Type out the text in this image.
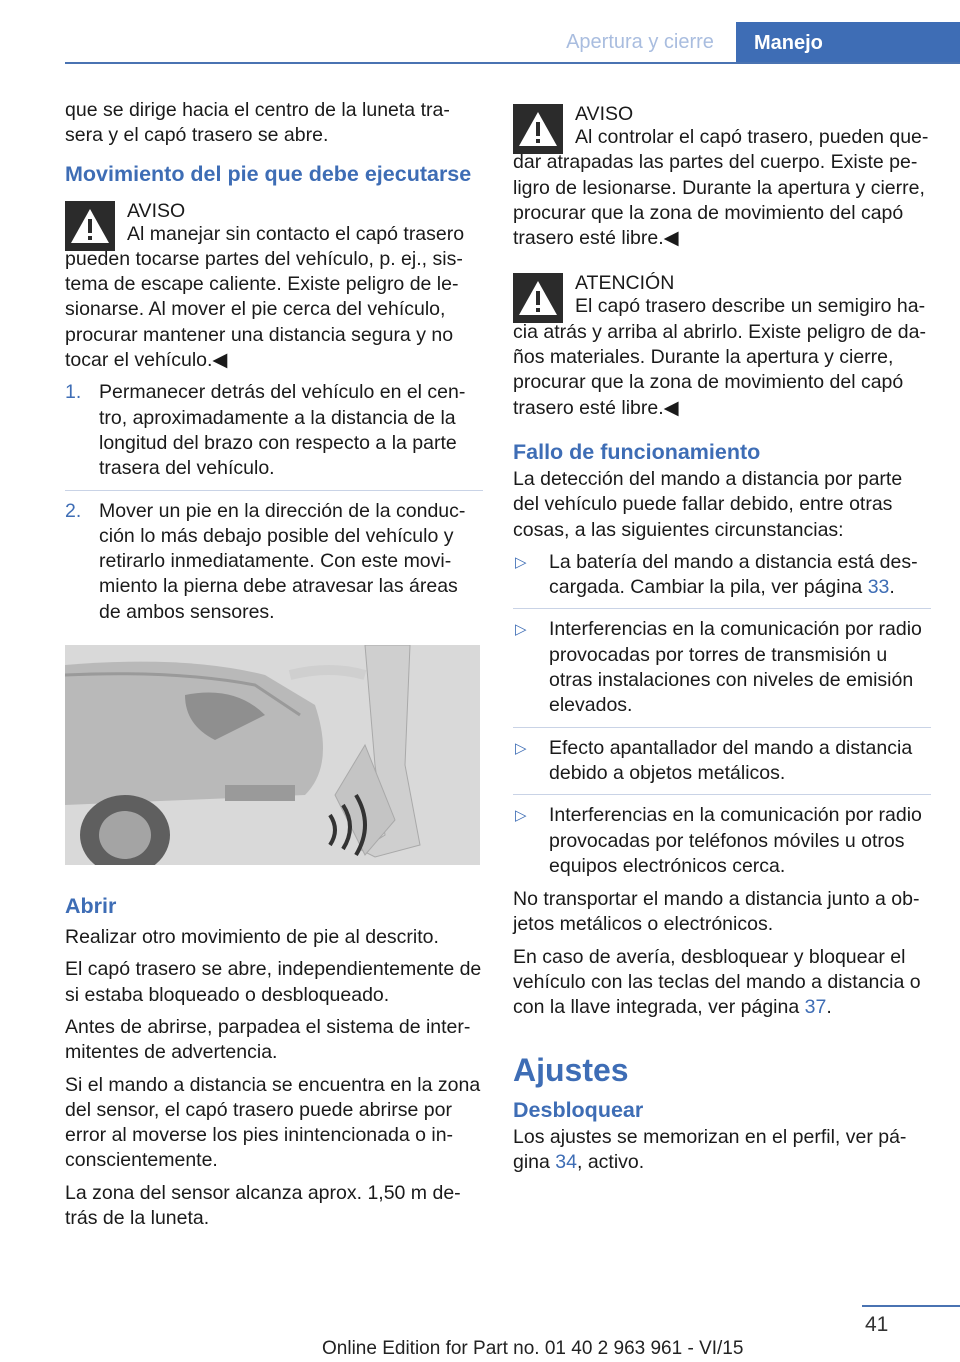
Apertura y cierre	Manejo

que se dirige hacia el centro de la luneta tra-sera y el capó trasero se abre.

Movimiento del pie que debe ejecutarse
AVISO

Al manejar sin contacto el capó trasero pueden tocarse partes del vehículo, p. ej., sis-tema de escape caliente. Existe peligro de le-sionarse. Al mover el pie cerca del vehículo, procurar mantener una distancia segura y no tocar el vehículo.◀

1. Permanecer detrás del vehículo en el cen-tro, aproximadamente a la distancia de la longitud del brazo con respecto a la parte trasera del vehículo.
2. Mover un pie en la dirección de la conduc-ción lo más debajo posible del vehículo y retirarlo inmediatamente. Con este movi-miento la pierna debe atravesar las áreas de ambos sensores.
Abrir

Realizar otro movimiento de pie al descrito.

El capó trasero se abre, independientemente de si estaba bloqueado o desbloqueado.

Antes de abrirse, parpadea el sistema de inter-mitentes de advertencia.

Si el mando a distancia se encuentra en la zona del sensor, el capó trasero puede abrirse por error al moverse los pies inintencionada o in-conscientemente.

La zona del sensor alcanza aprox. 1,50 m de-trás de la luneta.

AVISO

Al controlar el capó trasero, pueden que-dar atrapadas las partes del cuerpo. Existe pe-ligro de lesionarse. Durante la apertura y cierre, procurar que la zona de movimiento del capó trasero esté libre.◀

ATENCIÓN

El capó trasero describe un semigiro ha-cia atrás y arriba al abrirlo. Existe peligro de da-ños materiales. Durante la apertura y cierre, procurar que la zona de movimiento del capó trasero esté libre.◀

Fallo de funcionamiento

La detección del mando a distancia por parte del vehículo puede fallar debido, entre otras cosas, a las siguientes circunstancias:

▷	La batería del mando a distancia está des-cargada. Cambiar la pila, ver página 33.
▷	Interferencias en la comunicación por radio provocadas por torres de transmisión u otras instalaciones con niveles de emisión elevados.
▷	Efecto apantallador del mando a distancia debido a objetos metálicos.
▷	Interferencias en la comunicación por radio provocadas por teléfonos móviles u otros equipos electrónicos cerca.

No transportar el mando a distancia junto a ob-jetos metálicos o electrónicos.

En caso de avería, desbloquear y bloquear el vehículo con las teclas del mando a distancia o con la llave integrada, ver página 37.

Ajustes
Desbloquear

Los ajustes se memorizan en el perfil, ver pá-gina 34, activo.

41
Online Edition for Part no. 01 40 2 963 961 - VI/15
